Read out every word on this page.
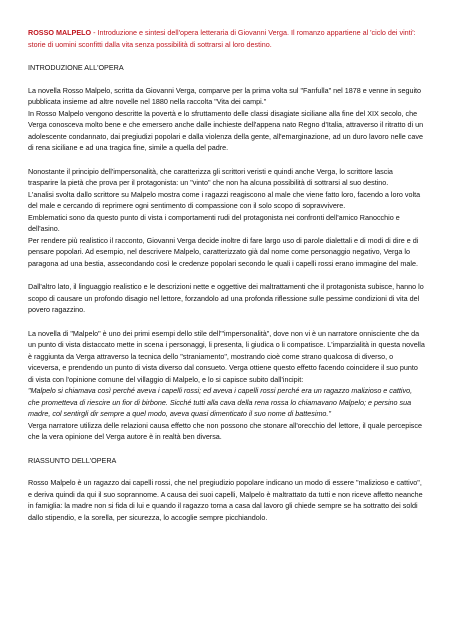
ROSSO MALPELO - Introduzione e sintesi dell'opera letteraria di Giovanni Verga. Il romanzo appartiene al 'ciclo dei vinti': storie di uomini sconfitti dalla vita senza possibilità di sottrarsi al loro destino.

INTRODUZIONE ALL'OPERA

La novella Rosso Malpelo, scritta da Giovanni Verga, comparve per la prima volta sul "Fanfulla" nel 1878 e venne in seguito pubblicata insieme ad altre novelle nel 1880 nella raccolta "Vita dei campi."

In Rosso Malpelo vengono descritte la povertà e lo sfruttamento delle classi disagiate siciliane alla fine del XIX secolo, che Verga conosceva molto bene e che emersero anche dalle inchieste dell'appena nato Regno d'Italia, attraverso il ritratto di un adolescente condannato, dai pregiudizi popolari e dalla violenza della gente, all'emarginazione, ad un duro lavoro nelle cave di rena siciliane e ad una tragica fine, simile a quella del padre.

Nonostante il principio dell'impersonalità, che caratterizza gli scrittori veristi e quindi anche Verga, lo scrittore lascia trasparire la pietà che prova per il protagonista: un "vinto" che non ha alcuna possibilità di sottrarsi al suo destino.

L'analisi svolta dallo scrittore su Malpelo mostra come i ragazzi reagiscono al male che viene fatto loro, facendo a loro volta del male e cercando di reprimere ogni sentimento di compassione con il solo scopo di sopravvivere.

Emblematici sono da questo punto di vista i comportamenti rudi del protagonista nei confronti dell'amico Ranocchio e dell'asino.

Per rendere più realistico il racconto, Giovanni Verga decide inoltre di fare largo uso di parole dialettali e di modi di dire e di pensare popolari. Ad esempio, nel descrivere Malpelo, caratterizzato già dal nome come personaggio negativo, Verga lo paragona ad una bestia, assecondando così le credenze popolari secondo le quali i capelli rossi erano immagine del male.

Dall'altro lato, il linguaggio realistico e le descrizioni nette e oggettive dei maltrattamenti che il protagonista subisce, hanno lo scopo di causare un profondo disagio nel lettore, forzandolo ad una profonda riflessione sulle pessime condizioni di vita del povero ragazzino.

La novella di "Malpelo" è uno dei primi esempi dello stile dell'"impersonalità", dove non vi è un narratore onnisciente che da un punto di vista distaccato mette in scena i personaggi, li presenta, li giudica o li compatisce. L'imparzialità in questa novella è raggiunta da Verga attraverso la tecnica dello "straniamento", mostrando cioè come strano qualcosa di diverso, o viceversa, e prendendo un punto di vista diverso dal consueto. Verga ottiene questo effetto facendo coincidere il suo punto di vista con l'opinione comune del villaggio di Malpelo, e lo si capisce subito dall'incipit:

"Malpelo si chiamava così perché aveva i capelli rossi; ed aveva i capelli rossi perché era un ragazzo malizioso e cattivo, che prometteva di riescire un fior di birbone. Sicché tutti alla cava della rena rossa lo chiamavano Malpelo; e persino sua madre, col sentirgli dir sempre a quel modo, aveva quasi dimenticato il suo nome di battesimo."

Verga narratore utilizza delle relazioni causa effetto che non possono che stonare all'orecchio del lettore, il quale percepisce che la vera opinione del Verga autore è in realtà ben diversa.

RIASSUNTO DELL'OPERA

Rosso Malpelo è un ragazzo dai capelli rossi, che nel pregiudizio popolare indicano un modo di essere "malizioso e cattivo", e deriva quindi da qui il suo soprannome. A causa dei suoi capelli, Malpelo è maltrattato da tutti e non riceve affetto neanche in famiglia: la madre non si fida di lui e quando il ragazzo torna a casa dal lavoro gli chiede sempre se ha sottratto dei soldi dallo stipendio, e la sorella, per sicurezza, lo accoglie sempre picchiandolo.
